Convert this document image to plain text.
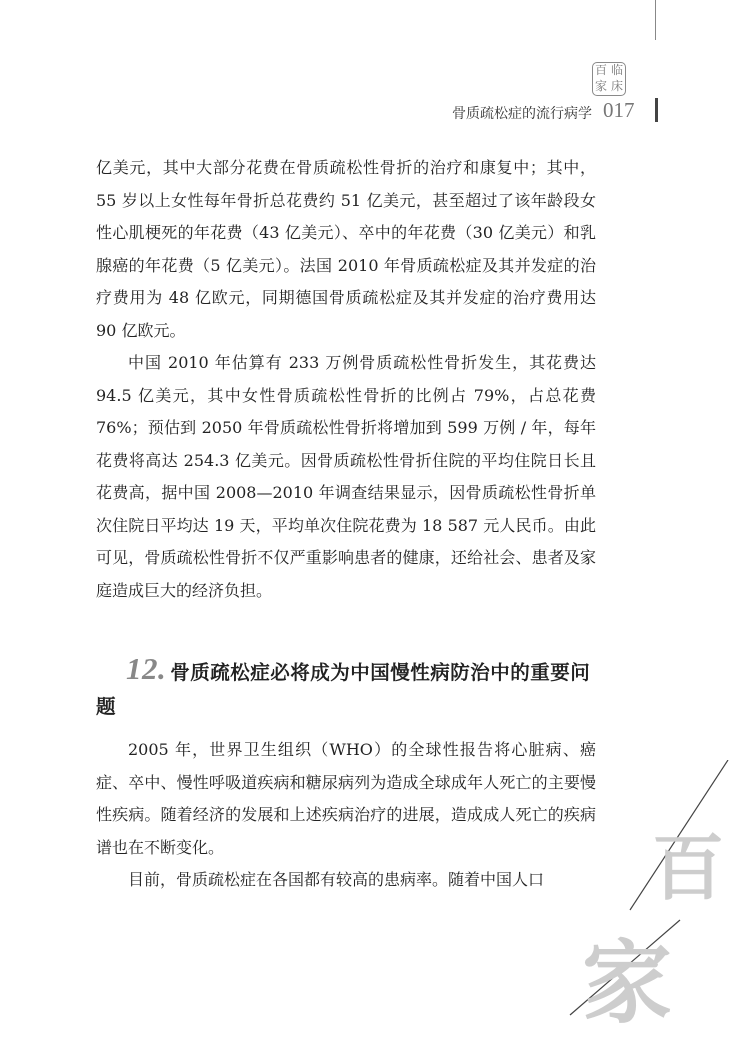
百 临
家 床
骨质疏松症的流行病学 017

亿美元，其中大部分花费在骨质疏松性骨折的治疗和康复中；其中，55 岁以上女性每年骨折总花费约 51 亿美元，甚至超过了该年龄段女性心肌梗死的年花费（43 亿美元）、卒中的年花费（30 亿美元）和乳腺癌的年花费（5 亿美元）。法国 2010 年骨质疏松症及其并发症的治疗费用为 48 亿欧元，同期德国骨质疏松症及其并发症的治疗费用达 90 亿欧元。

中国 2010 年估算有 233 万例骨质疏松性骨折发生，其花费达 94.5 亿美元，其中女性骨质疏松性骨折的比例占 79%，占总花费 76%；预估到 2050 年骨质疏松性骨折将增加到 599 万例 / 年，每年花费将高达 254.3 亿美元。因骨质疏松性骨折住院的平均住院日长且花费高，据中国 2008—2010 年调查结果显示，因骨质疏松性骨折单次住院日平均达 19 天，平均单次住院花费为 18 587 元人民币。由此可见，骨质疏松性骨折不仅严重影响患者的健康，还给社会、患者及家庭造成巨大的经济负担。

12. 骨质疏松症必将成为中国慢性病防治中的重要问题

2005 年，世界卫生组织（WHO）的全球性报告将心脏病、癌症、卒中、慢性呼吸道疾病和糖尿病列为造成全球成年人死亡的主要慢性疾病。随着经济的发展和上述疾病治疗的进展，造成成人死亡的疾病谱也在不断变化。

目前，骨质疏松症在各国都有较高的患病率。随着中国人口	百
家
